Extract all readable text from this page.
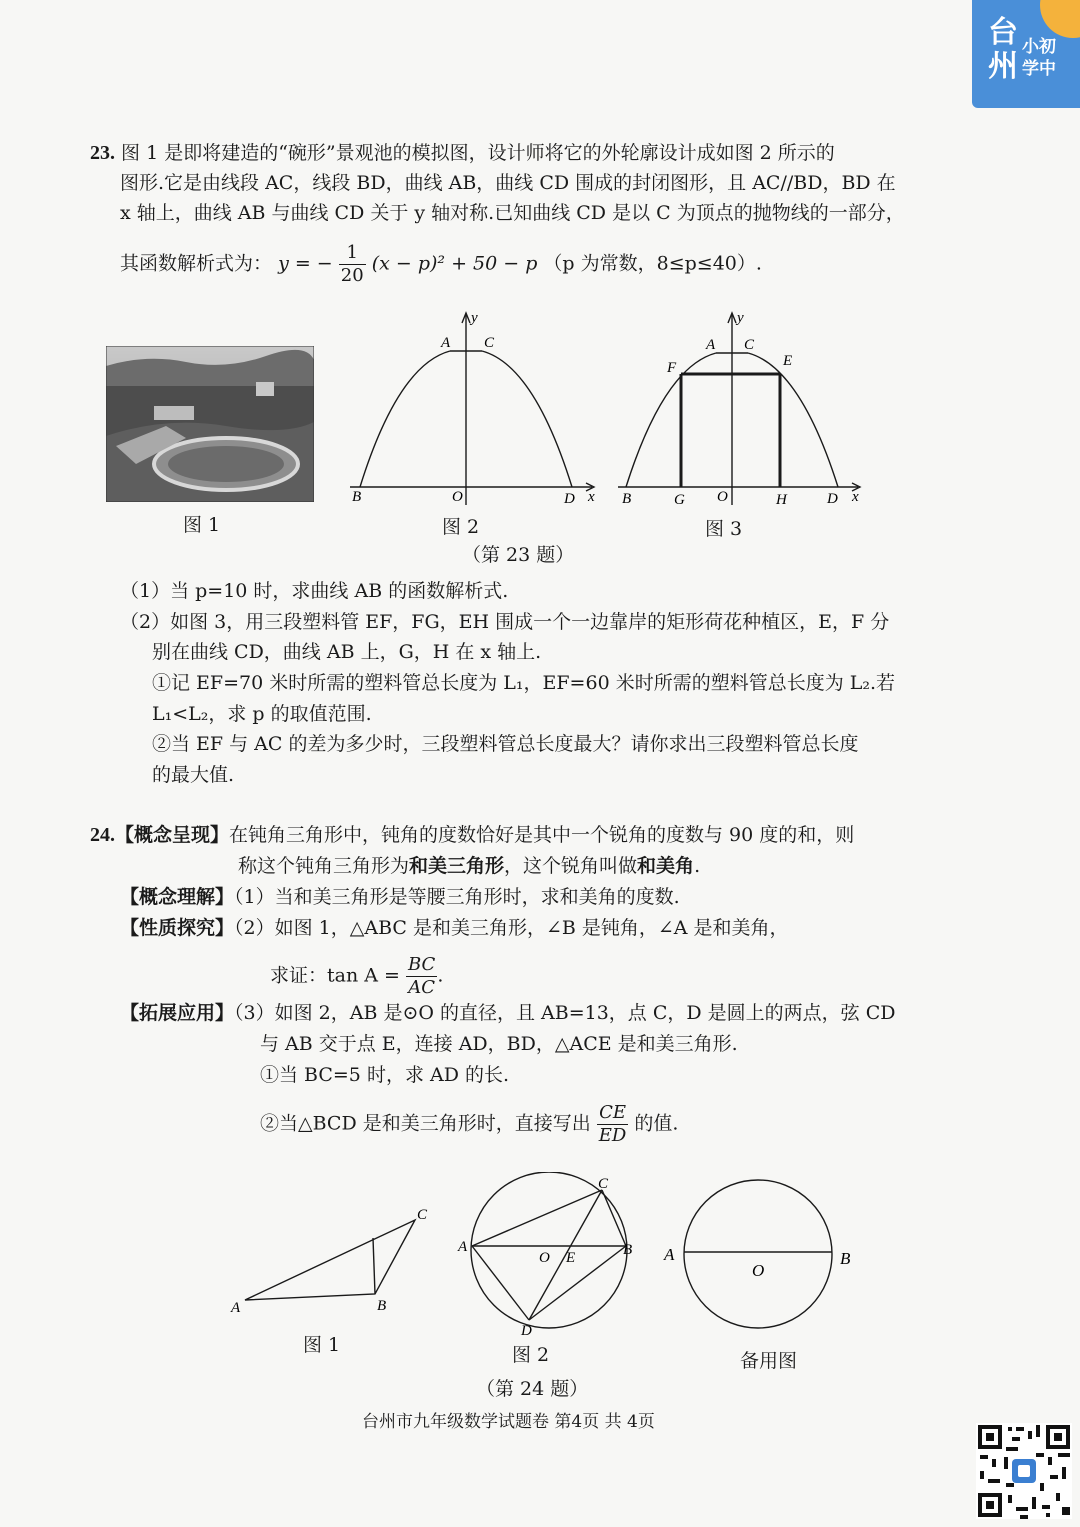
台 小初
州 学中
23. 图 1 是即将建造的“碗形”景观池的模拟图，设计师将它的外轮廓设计成如图 2 所示的
图形.它是由线段 AC，线段 BD，曲线 AB，曲线 CD 围成的封闭图形，且 AC//BD，BD 在
x 轴上，曲线 AB 与曲线 CD 关于 y 轴对称.已知曲线 CD 是以 C 为顶点的抛物线的一部分，
其函数解析式为： y = − $\frac{1}{20} (x - p)^2 + 50 - p$ （p 为常数，8≤p≤40）.
图 1
y
A C
B	O	D x
图 2
y
A C
F	E
B	G O	H	D x
图 3
（第 23 题）
（1）当 p=10 时，求曲线 AB 的函数解析式.
（2）如图 3，用三段塑料管 EF，FG，EH 围成一个一边靠岸的矩形荷花种植区，E，F 分
别在曲线 CD，曲线 AB 上，G，H 在 x 轴上.
①记 EF=70 米时所需的塑料管总长度为 L₁，EF=60 米时所需的塑料管总长度为 L₂.若
L₁<L₂，求 p 的取值范围.
②当 EF 与 AC 的差为多少时，三段塑料管总长度最大？请你求出三段塑料管总长度
的最大值.
24.【概念呈现】在钝角三角形中，钝角的度数恰好是其中一个锐角的度数与 90 度的和，则
称这个钝角三角形为和美三角形，这个锐角叫做和美角.
【概念理解】（1）当和美三角形是等腰三角形时，求和美角的度数.
【性质探究】（2）如图 1，△ABC 是和美三角形，∠B 是钝角，∠A 是和美角，
求证：$\tan A = \frac{BC}{AC}$ .
【拓展应用】（3）如图 2，AB 是⊙O 的直径，且 AB=13，点 C，D 是圆上的两点，弦 CD
与 AB 交于点 E，连接 AD，BD，△ACE 是和美三角形.
①当 BC=5 时，求 AD 的长.
②当△BCD 是和美三角形时，直接写出 $\frac{CE}{ED}$ 的值.
A	B
C
图 1
A
O E	B
C
D
图 2
A
O
B
备用图
（第 24 题）
台州市九年级数学试题卷 第4页 共 4页
